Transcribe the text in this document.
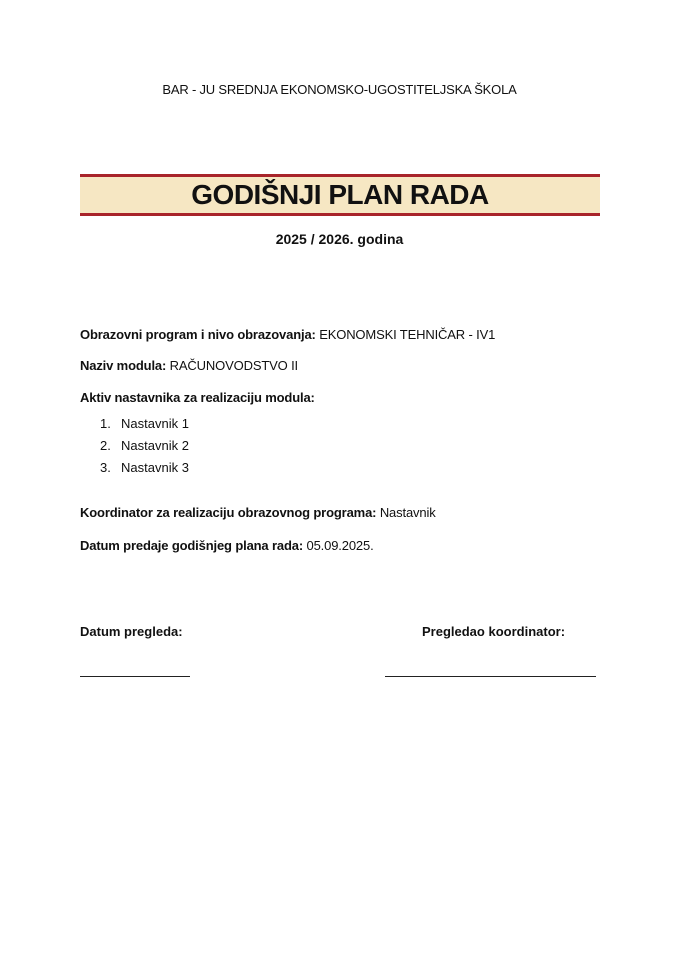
BAR - JU SREDNJA EKONOMSKO-UGOSTITELJSKA ŠKOLA
GODIŠNJI PLAN RADA
2025 / 2026. godina
Obrazovni program i nivo obrazovanja: EKONOMSKI TEHNIČAR - IV1
Naziv modula: RAČUNOVODSTVO II
Aktiv nastavnika za realizaciju modula:
1. Nastavnik 1
2. Nastavnik 2
3. Nastavnik 3
Koordinator za realizaciju obrazovnog programa: Nastavnik
Datum predaje godišnjeg plana rada: 05.09.2025.
Datum pregleda:	Pregledao koordinator:
